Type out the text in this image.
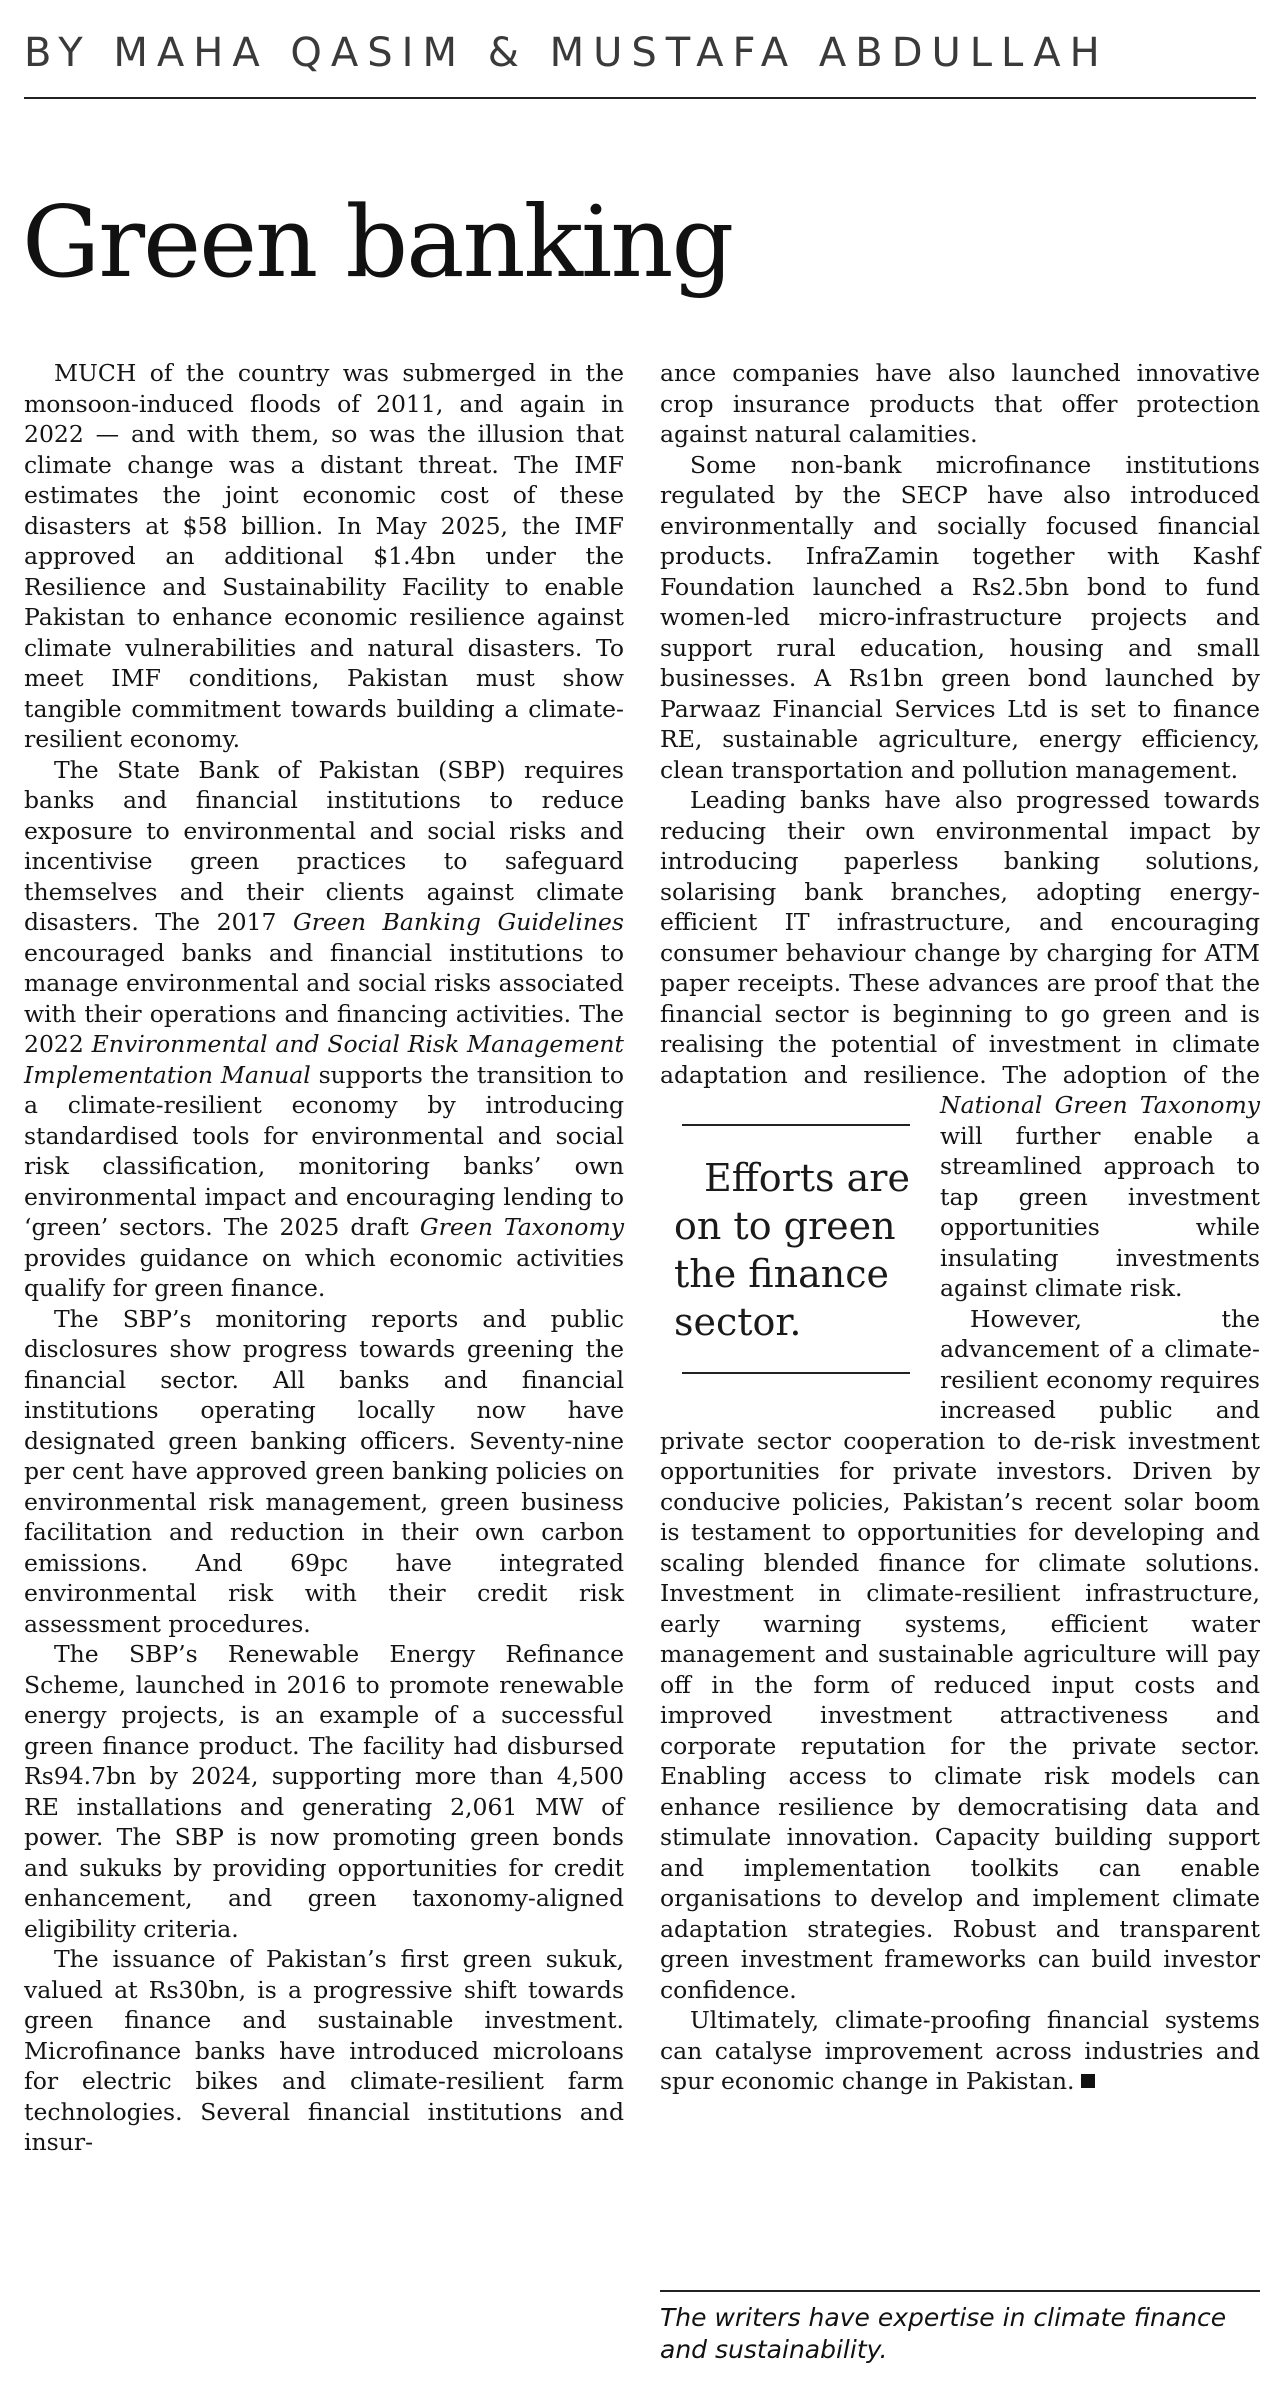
BY MAHA QASIM & MUSTAFA ABDULLAH
Green banking

MUCH of the country was submerged in the monsoon-induced floods of 2011, and again in 2022 — and with them, so was the illusion that climate change was a distant threat. The IMF estimates the joint economic cost of these disasters at $58 billion. In May 2025, the IMF approved an additional $1.4bn under the Resilience and Sustainability Facility to enable Pakistan to enhance economic resilience against climate vulnerabilities and natural disasters. To meet IMF conditions, Pakistan must show tangible commitment towards building a climate-resilient economy.

The State Bank of Pakistan (SBP) requires banks and financial institutions to reduce exposure to environmental and social risks and incentivise green practices to safeguard themselves and their clients against climate disasters. The 2017 Green Banking Guidelines encouraged banks and financial institutions to manage environmental and social risks associated with their operations and financing activities. The 2022 Environmental and Social Risk Management Implementation Manual supports the transition to a climate-resilient economy by introducing standardised tools for environmental and social risk classification, monitoring banks’ own environmental impact and encouraging lending to ‘green’ sectors. The 2025 draft Green Taxonomy provides guidance on which economic activities qualify for green finance.

The SBP’s monitoring reports and public disclosures show progress towards greening the financial sector. All banks and financial institutions operating locally now have designated green banking officers. Seventy-nine per cent have approved green banking policies on environmental risk management, green business facilitation and reduction in their own carbon emissions. And 69pc have integrated environmental risk with their credit risk assessment procedures.

The SBP’s Renewable Energy Refinance Scheme, launched in 2016 to promote renewable energy projects, is an example of a successful green finance product. The facility had disbursed Rs94.7bn by 2024, supporting more than 4,500 RE installations and generating 2,061 MW of power. The SBP is now promoting green bonds and sukuks by providing opportunities for credit enhancement, and green taxonomy-aligned eligibility criteria.

The issuance of Pakistan’s first green sukuk, valued at Rs30bn, is a progressive shift towards green finance and sustainable investment. Microfinance banks have introduced microloans for electric bikes and climate-resilient farm technologies. Several financial institutions and insur-

ance companies have also launched innovative crop insurance products that offer protection against natural calamities.

Some non-bank microfinance institutions regulated by the SECP have also introduced environmentally and socially focused financial products. InfraZamin together with Kashf Foundation launched a Rs2.5bn bond to fund women-led micro-infrastructure projects and support rural education, housing and small businesses. A Rs1bn green bond launched by Parwaaz Financial Services Ltd is set to finance RE, sustainable agriculture, energy efficiency, clean transportation and pollution management.

Leading banks have also progressed towards reducing their own environmental impact by introducing paperless banking solutions, solarising bank branches, adopting energy-efficient IT infrastructure, and encouraging consumer behaviour change by charging for ATM paper receipts. These advances are proof that the financial sector is beginning to go green and is realising the potential of investment in climate adaptation and resilience. The adoption of the
Efforts are on to green the finance sector.
National Green Taxonomy will further enable a streamlined approach to tap green investment opportunities while insulating investments against climate risk.

However, the advancement of a climate-resilient economy requires increased public and private sector cooperation to de-risk investment opportunities for private investors. Driven by conducive policies, Pakistan’s recent solar boom is testament to opportunities for developing and scaling blended finance for climate solutions. Investment in climate-resilient infrastructure, early warning systems, efficient water management and sustainable agriculture will pay off in the form of reduced input costs and improved investment attractiveness and corporate reputation for the private sector. Enabling access to climate risk models can enhance resilience by democratising data and stimulate innovation. Capacity building support and implementation toolkits can enable organisations to develop and implement climate adaptation strategies. Robust and transparent green investment frameworks can build investor confidence.

Ultimately, climate-proofing financial systems can catalyse improvement across industries and spur economic change in Pakistan.

The writers have expertise in climate finance and sustainability.
